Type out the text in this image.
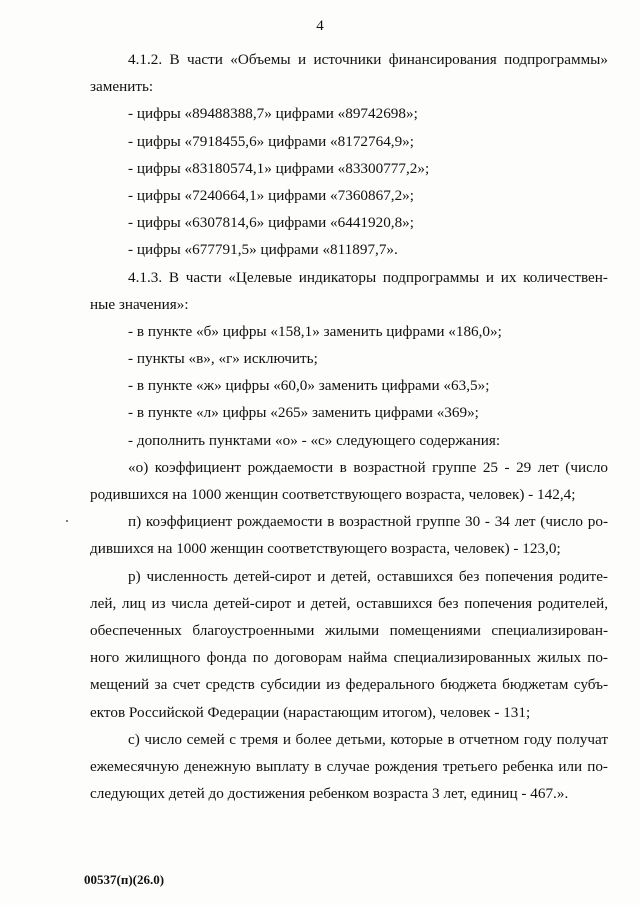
4
4.1.2. В части «Объемы и источники финансирования подпрограммы»
заменить:
- цифры «89488388,7» цифрами «89742698»;
- цифры «7918455,6» цифрами «8172764,9»;
- цифры «83180574,1» цифрами «83300777,2»;
- цифры «7240664,1» цифрами «7360867,2»;
- цифры «6307814,6» цифрами «6441920,8»;
- цифры «677791,5» цифрами «811897,7».
4.1.3. В части «Целевые индикаторы подпрограммы и их количествен-
ные значения»:
- в пункте «б» цифры «158,1» заменить цифрами «186,0»;
- пункты «в», «г» исключить;
- в пункте «ж» цифры «60,0» заменить цифрами «63,5»;
- в пункте «л» цифры «265» заменить цифрами «369»;
- дополнить пунктами «о» - «с» следующего содержания:
«о) коэффициент рождаемости в возрастной группе 25 - 29 лет (число
родившихся на 1000 женщин соответствующего возраста, человек) - 142,4;
п) коэффициент рождаемости в возрастной группе 30 - 34 лет (число ро-
дившихся на 1000 женщин соответствующего возраста, человек) - 123,0;
р) численность детей-сирот и детей, оставшихся без попечения родите-
лей, лиц из числа детей-сирот и детей, оставшихся без попечения родителей,
обеспеченных благоустроенными жилыми помещениями специализирован-
ного жилищного фонда по договорам найма специализированных жилых по-
мещений за счет средств субсидии из федерального бюджета бюджетам субъ-
ектов Российской Федерации (нарастающим итогом), человек - 131;
с) число семей с тремя и более детьми, которые в отчетном году получат
ежемесячную денежную выплату в случае рождения третьего ребенка или по-
следующих детей до достижения ребенком возраста 3 лет, единиц - 467.».
00537(п)(26.0)
